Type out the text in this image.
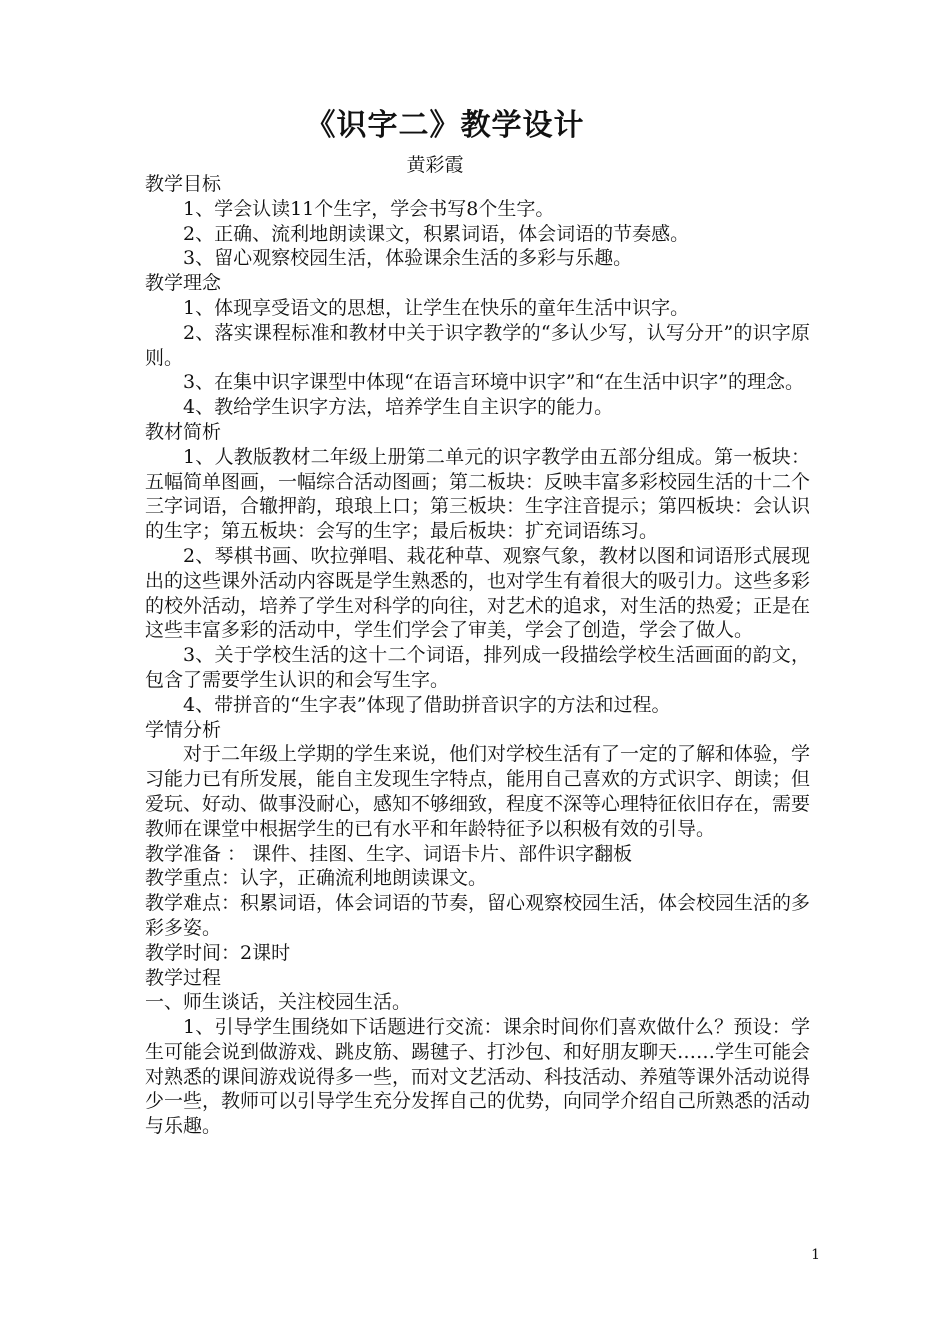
《识字二》教学设计
黄彩霞

教学目标

1、学会认读11个生字，学会书写8个生字。

2、正确、流利地朗读课文，积累词语，体会词语的节奏感。

3、留心观察校园生活，体验课余生活的多彩与乐趣。

教学理念

1、体现享受语文的思想，让学生在快乐的童年生活中识字。

2、落实课程标准和教材中关于识字教学的“多认少写，认写分开”的识字原则。

3、在集中识字课型中体现“在语言环境中识字”和“在生活中识字”的理念。

4、教给学生识字方法，培养学生自主识字的能力。

教材简析

1、人教版教材二年级上册第二单元的识字教学由五部分组成。第一板块：五幅简单图画，一幅综合活动图画；第二板块：反映丰富多彩校园生活的十二个三字词语，合辙押韵，琅琅上口；第三板块：生字注音提示；第四板块：会认识的生字；第五板块：会写的生字；最后板块：扩充词语练习。

2、琴棋书画、吹拉弹唱、栽花种草、观察气象，教材以图和词语形式展现出的这些课外活动内容既是学生熟悉的，也对学生有着很大的吸引力。这些多彩的校外活动，培养了学生对科学的向往，对艺术的追求，对生活的热爱；正是在这些丰富多彩的活动中，学生们学会了审美，学会了创造，学会了做人。

3、关于学校生活的这十二个词语，排列成一段描绘学校生活画面的韵文，包含了需要学生认识的和会写生字。

4、带拼音的“生字表”体现了借助拼音识字的方法和过程。

学情分析

对于二年级上学期的学生来说，他们对学校生活有了一定的了解和体验，学习能力已有所发展，能自主发现生字特点，能用自己喜欢的方式识字、朗读；但爱玩、好动、做事没耐心，感知不够细致，程度不深等心理特征依旧存在，需要教师在课堂中根据学生的已有水平和年龄特征予以积极有效的引导。

教学准备 ： 课件、挂图、生字、词语卡片、部件识字翻板

教学重点：认字，正确流利地朗读课文。

教学难点：积累词语，体会词语的节奏，留心观察校园生活，体会校园生活的多彩多姿。

教学时间：2课时

教学过程

一、师生谈话，关注校园生活。

1、引导学生围绕如下话题进行交流：课余时间你们喜欢做什么？预设：学生可能会说到做游戏、跳皮筋、踢毽子、打沙包、和好朋友聊天……学生可能会对熟悉的课间游戏说得多一些，而对文艺活动、科技活动、养殖等课外活动说得少一些，教师可以引导学生充分发挥自己的优势，向同学介绍自己所熟悉的活动与乐趣。

1
